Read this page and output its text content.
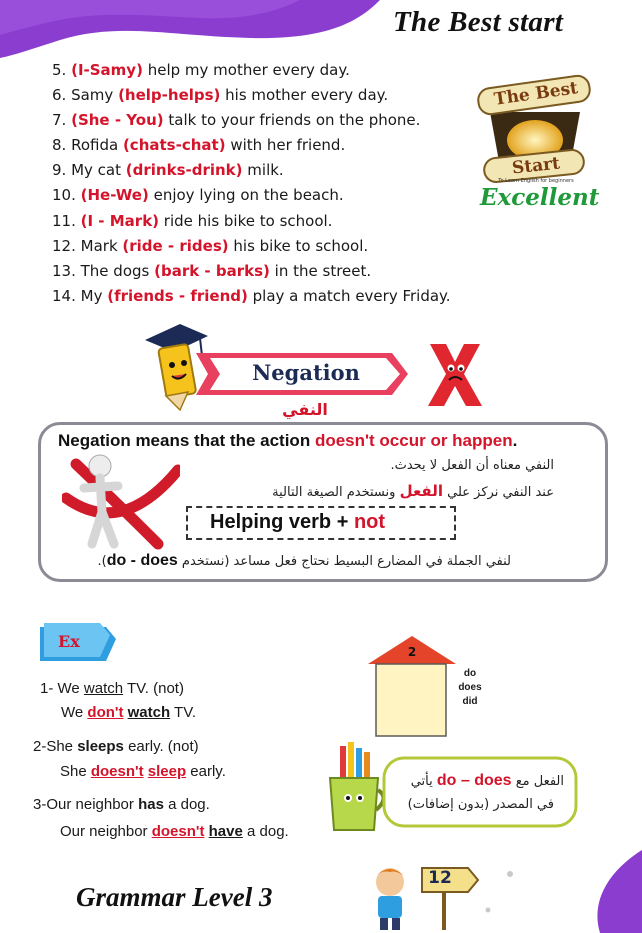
The Best start
The Best
Start
To Learn English for beginners
Excellent
5. (I-Samy) help my mother every day.
6. Samy (help-helps) his mother every day.
7. (She - You) talk to your friends on the phone.
8. Rofida (chats-chat) with her friend.
9. My cat (drinks-drink) milk.
10. (He-We) enjoy lying on the beach.
11. (I - Mark) ride his bike to school.
12. Mark (ride - rides) his bike to school.
13. The dogs (bark - barks) in the street.
14. My (friends - friend) play a match every Friday.
Negation
النفي
Negation means that the action doesn't occur or happen.
النفي معناه أن الفعل لا يحدث.
عند النفي نركز علي الفعل ونستخدم الصيغة التالية
Helping verb + not
لنفي الجملة في المضارع البسيط نحتاج فعل مساعد (نستخدم do - does).
Ex
1- We watch TV. (not)
We don't watch TV.
2-She sleeps early. (not)
She doesn't sleep early.
3-Our neighbor has a dog.
Our neighbor doesn't have a dog.
2
do
does
did
الفعل مع do – does يأتي
في المصدر (بدون إضافات)
Grammar Level 3
12
